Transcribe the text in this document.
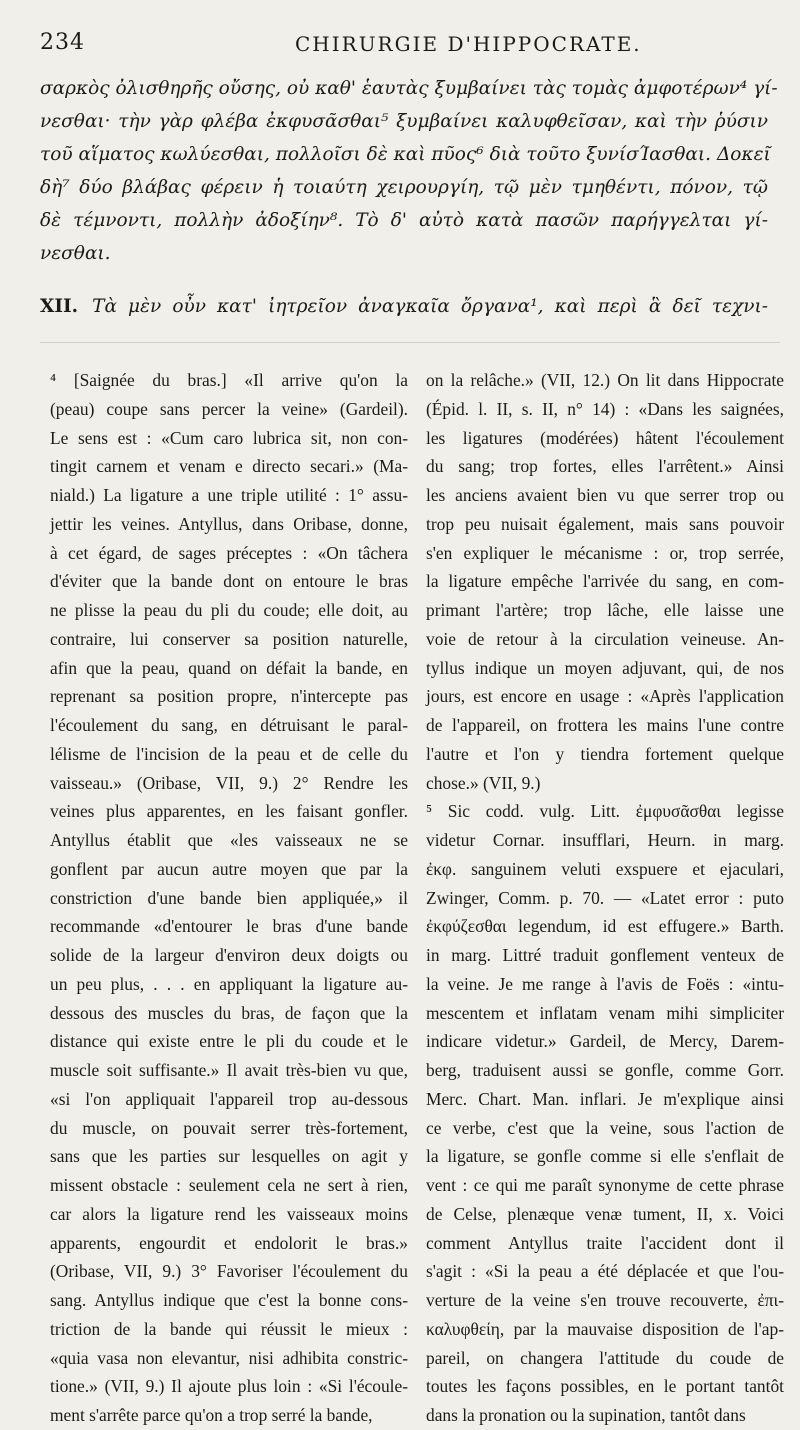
234	CHIRURGIE D'HIPPOCRATE.
σαρκὸς ὀλισθηρῆς οὔσης, οὐ καθ' ἑαυτὰς ξυμβαίνει τὰς τομὰς ἀμφοτέρων⁴ γί-
νεσθαι· τὴν γὰρ φλέβα ἐκφυσᾶσθαι⁵ ξυμβαίνει καλυφθεῖσαν, καὶ τὴν ῥύσιν
τοῦ αἵματος κωλύεσθαι, πολλοῖσι δὲ καὶ πῦος⁶ διὰ τοῦτο ξυνίσΊασθαι. Δοκεῖ
δὴ⁷ δύο βλάβας φέρειν ἡ τοιαύτη χειρουργίη, τῷ μὲν τμηθέντι, πόνον, τῷ
δὲ τέμνοντι, πολλὴν ἀδοξίην⁸. Τὸ δ' αὐτὸ κατὰ πασῶν παρήγγελται γί-
νεσθαι.
XII. Τὰ μὲν οὖν κατ' ἰητρεῖον ἀναγκαῖα ὄργανα¹, καὶ περὶ ἃ δεῖ τεχνι-
⁴ [Saignée du bras.] «Il arrive qu'on la
(peau) coupe sans percer la veine» (Gardeil).
Le sens est : «Cum caro lubrica sit, non con-
tingit carnem et venam e directo secari.» (Ma-
niald.) La ligature a une triple utilité : 1° assu-
jettir les veines. Antyllus, dans Oribase, donne,
à cet égard, de sages préceptes : «On tâchera
d'éviter que la bande dont on entoure le bras
ne plisse la peau du pli du coude; elle doit, au
contraire, lui conserver sa position naturelle,
afin que la peau, quand on défait la bande, en
reprenant sa position propre, n'intercepte pas
l'écoulement du sang, en détruisant le paral-
lélisme de l'incision de la peau et de celle du
vaisseau.» (Oribase, VII, 9.) 2° Rendre les
veines plus apparentes, en les faisant gonfler.
Antyllus établit que «les vaisseaux ne se
gonflent par aucun autre moyen que par la
constriction d'une bande bien appliquée,» il
recommande «d'entourer le bras d'une bande
solide de la largeur d'environ deux doigts ou
un peu plus, . . . en appliquant la ligature au-
dessous des muscles du bras, de façon que la
distance qui existe entre le pli du coude et le
muscle soit suffisante.» Il avait très-bien vu que,
«si l'on appliquait l'appareil trop au-dessous
du muscle, on pouvait serrer très-fortement,
sans que les parties sur lesquelles on agit y
missent obstacle : seulement cela ne sert à rien,
car alors la ligature rend les vaisseaux moins
apparents, engourdit et endolorit le bras.»
(Oribase, VII, 9.) 3° Favoriser l'écoulement du
sang. Antyllus indique que c'est la bonne cons-
triction de la bande qui réussit le mieux :
«quia vasa non elevantur, nisi adhibita constric-
tione.» (VII, 9.) Il ajoute plus loin : «Si l'écoule-
ment s'arrête parce qu'on a trop serré la bande,
on la relâche.» (VII, 12.) On lit dans Hippocrate
(Épid. l. II, s. II, n° 14) : «Dans les saignées,
les ligatures (modérées) hâtent l'écoulement
du sang; trop fortes, elles l'arrêtent.» Ainsi
les anciens avaient bien vu que serrer trop ou
trop peu nuisait également, mais sans pouvoir
s'en expliquer le mécanisme : or, trop serrée,
la ligature empêche l'arrivée du sang, en com-
primant l'artère; trop lâche, elle laisse une
voie de retour à la circulation veineuse. An-
tyllus indique un moyen adjuvant, qui, de nos
jours, est encore en usage : «Après l'application
de l'appareil, on frottera les mains l'une contre
l'autre et l'on y tiendra fortement quelque
chose.» (VII, 9.)
⁵ Sic codd. vulg. Litt. ἐμφυσᾶσθαι legisse
videtur Cornar. insufflari, Heurn. in marg.
ἐκφ. sanguinem veluti exspuere et ejaculari,
Zwinger, Comm. p. 70. — «Latet error : puto
ἐκφύζεσθαι legendum, id est effugere.» Barth.
in marg. Littré traduit gonflement venteux de
la veine. Je me range à l'avis de Foës : «intu-
mescentem et inflatam venam mihi simpliciter
indicare videtur.» Gardeil, de Mercy, Darem-
berg, traduisent aussi se gonfle, comme Gorr.
Merc. Chart. Man. inflari. Je m'explique ainsi
ce verbe, c'est que la veine, sous l'action de
la ligature, se gonfle comme si elle s'enflait de
vent : ce qui me paraît synonyme de cette phrase
de Celse, plenæque venæ tument, II, x. Voici
comment Antyllus traite l'accident dont il
s'agit : «Si la peau a été déplacée et que l'ou-
verture de la veine s'en trouve recouverte, ἐπι-
καλυφθείη, par la mauvaise disposition de l'ap-
pareil, on changera l'attitude du coude de
toutes les façons possibles, en le portant tantôt
dans la pronation ou la supination, tantôt dans
